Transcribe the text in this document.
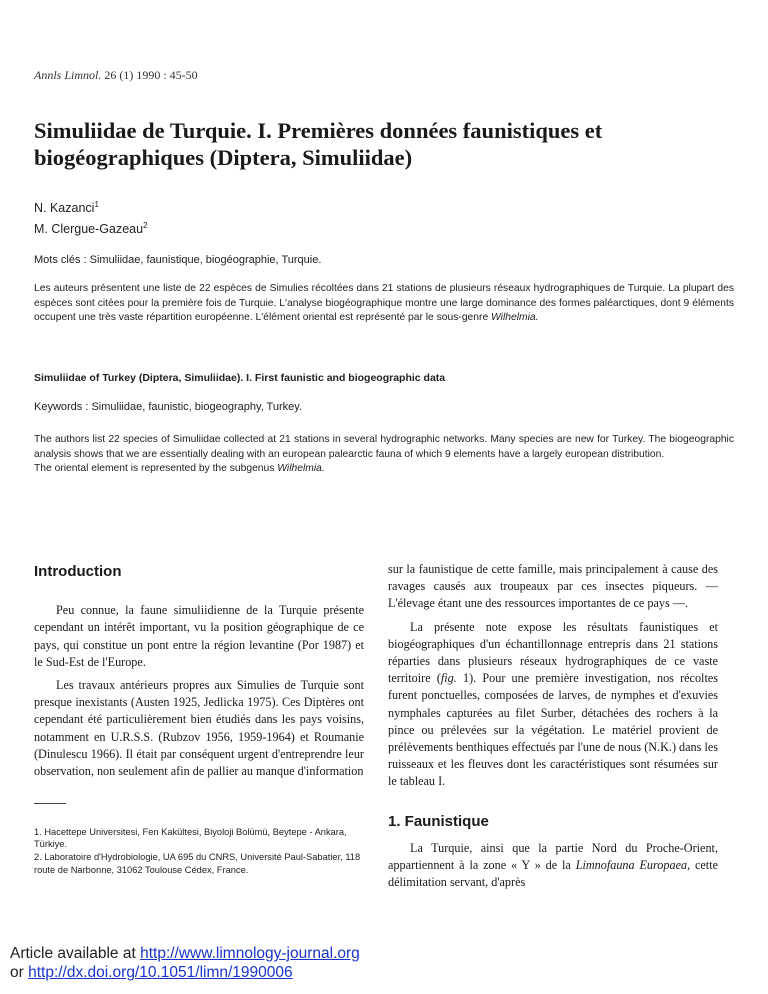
Annls Limnol. 26 (1) 1990 : 45-50
Simuliidae de Turquie. I. Premières données faunistiques et biogéographiques (Diptera, Simuliidae)
N. Kazanci$^1$
M. Clergue-Gazeau$^2$
Mots clés : Simuliidae, faunistique, biogéographie, Turquie.

Les auteurs présentent une liste de 22 espèces de Simulies récoltées dans 21 stations de plusieurs réseaux hydrographiques de Turquie. La plupart des espèces sont citées pour la première fois de Turquie. L'analyse biogéographique montre une large dominance des formes paléarctiques, dont 9 éléments occupent une très vaste répartition européenne. L'élément oriental est représenté par le sous-genre Wilhelmia.

Simuliidae of Turkey (Diptera, Simuliidae). I. First faunistic and biogeographic data
Keywords : Simuliidae, faunistic, biogeography, Turkey.
The authors list 22 species of Simuliidae collected at 21 stations in several hydrographic networks. Many species are new for Turkey. The biogeographic analysis shows that we are essentially dealing with an european palearctic fauna of which 9 elements have a largely european distribution.
The oriental element is represented by the subgenus Wilhelmia.
Introduction

Peu connue, la faune simuliidienne de la Turquie présente cependant un intérêt important, vu la position géographique de ce pays, qui constitue un pont entre la région levantine (Por 1987) et le Sud-Est de l'Europe.

Les travaux antérieurs propres aux Simulies de Turquie sont presque inexistants (Austen 1925, Jedlicka 1975). Ces Diptères ont cependant été particulièrement bien étudiés dans les pays voisins, notamment en U.R.S.S. (Rubzov 1956, 1959-1964) et Roumanie (Dinulescu 1966). Il était par conséquent urgent d'entreprendre leur observation, non seulement afin de pallier au manque d'information

1. Hacettepe Universitesi, Fen Kakültesi, Biyoloji Bolümü, Beytepe - Ankara, Türkiye.
2. Laboratoire d'Hydrobiologie, UA 695 du CNRS, Université Paul-Sabatier, 118 route de Narbonne, 31062 Toulouse Cédex, France.

sur la faunistique de cette famille, mais principalement à cause des ravages causés aux troupeaux par ces insectes piqueurs. — L'élevage étant une des ressources importantes de ce pays —.

La présente note expose les résultats faunistiques et biogéographiques d'un échantillonnage entrepris dans 21 stations réparties dans plusieurs réseaux hydrographiques de ce vaste territoire (fig. 1). Pour une première investigation, nos récoltes furent ponctuelles, composées de larves, de nymphes et d'exuvies nymphales capturées au filet Surber, détachées des rochers à la pince ou prélevées sur la végétation. Le matériel provient de prélèvements benthiques effectués par l'une de nous (N.K.) dans les ruisseaux et les fleuves dont les caractéristiques sont résumées sur le tableau I.

1. Faunistique

La Turquie, ainsi que la partie Nord du Proche-Orient, appartiennent à la zone « Y » de la Limnofauna Europaea, cette délimitation servant, d'après

Article available at http://www.limnology-journal.org
or http://dx.doi.org/10.1051/limn/1990006
